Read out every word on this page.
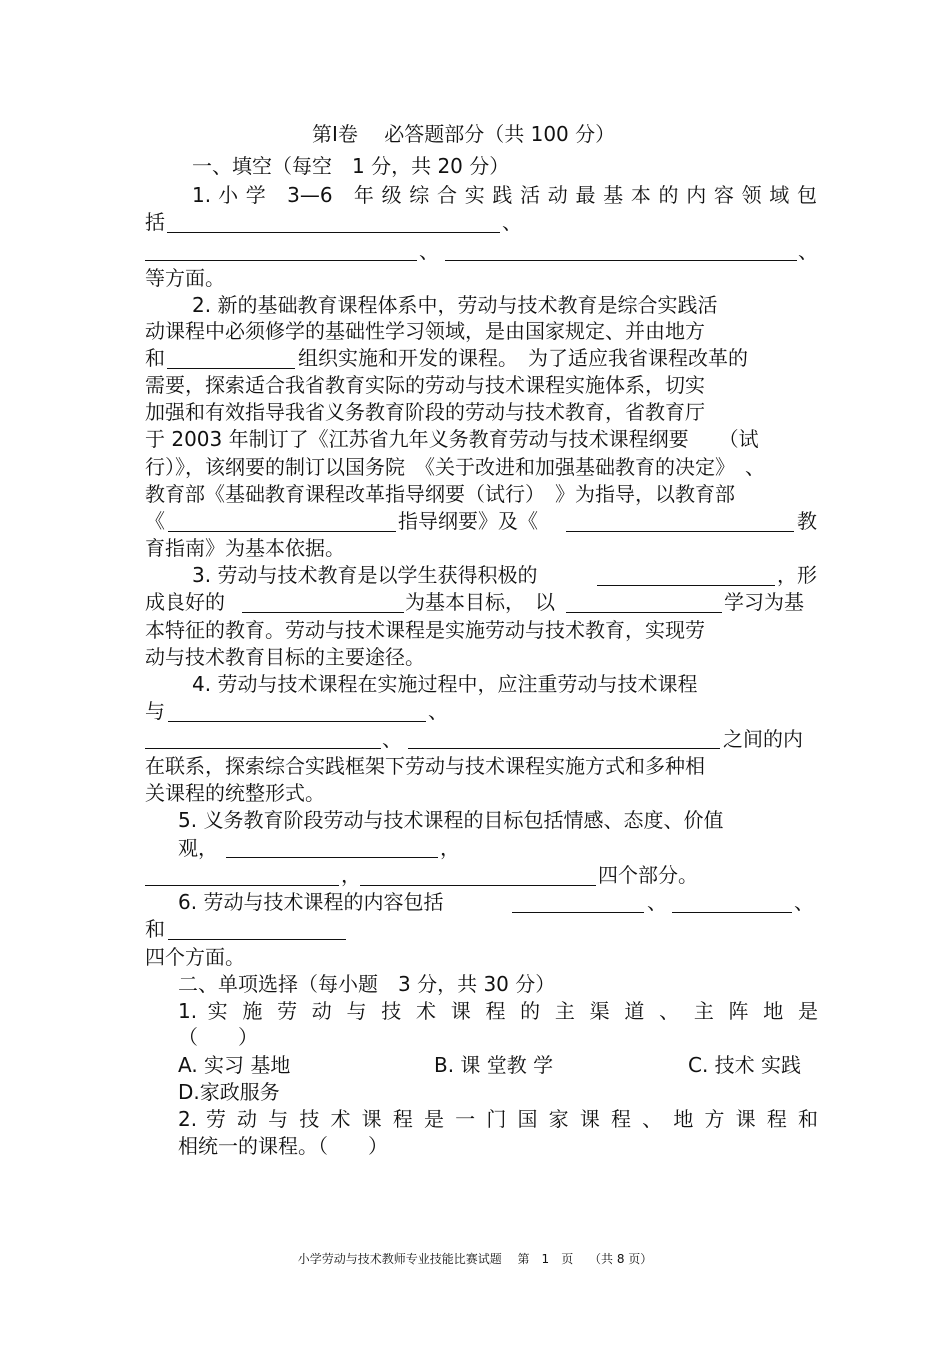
第Ⅰ卷　 必答题部分（共 100 分）
一、填空（每空　1 分，共 20 分）
1. 小 学　3—6　年 级 综 合 实 践 活 动 最 基 本 的 内 容 领 域 包
括	、
、	、
等方面。
2. 新的基础教育课程体系中，劳动与技术教育是综合实践活
动课程中必须修学的基础性学习领域，是由国家规定、并由地方
和	组织实施和开发的课程。　为了适应我省课程改革的
需要，探索适合我省教育实际的劳动与技术课程实施体系，切实
加强和有效指导我省义务教育阶段的劳动与技术教育，省教育厅
于 2003 年制订了《江苏省九年义务教育劳动与技术课程纲要　　（试
行）》，该纲要的制订以国务院　《关于改进和加强基础教育的决定》　、
教育部《基础教育课程改革指导纲要（试行）　》为指导，以教育部
《	指导纲要》及《	教
育指南》为基本依据。
3. 劳动与技术教育是以学生获得积极的	，形
成良好的	为基本目标，　以	学习为基
本特征的教育。劳动与技术课程是实施劳动与技术教育，实现劳
动与技术教育目标的主要途径。
4. 劳动与技术课程在实施过程中，应注重劳动与技术课程
与	、
、	之间的内
在联系，探索综合实践框架下劳动与技术课程实施方式和多种相
关课程的统整形式。
5. 义务教育阶段劳动与技术课程的目标包括情感、态度、价值
观，	，
，	四个部分。
6. 劳动与技术课程的内容包括	、	、
和
四个方面。
二、单项选择（每小题　3 分，共 30 分）
1. 实 施 劳 动 与 技 术 课 程 的 主 渠 道 、 主 阵 地 是
（　　）
A. 实习 基地	B. 课 堂教 学	C. 技术 实践
D.家政服务
2. 劳 动 与 技 术 课 程 是 一 门 国 家 课 程 、 地 方 课 程 和
相统一的课程。（　　）
小学劳动与技术教师专业技能比赛试题 第 1 页 （共 8 页）
